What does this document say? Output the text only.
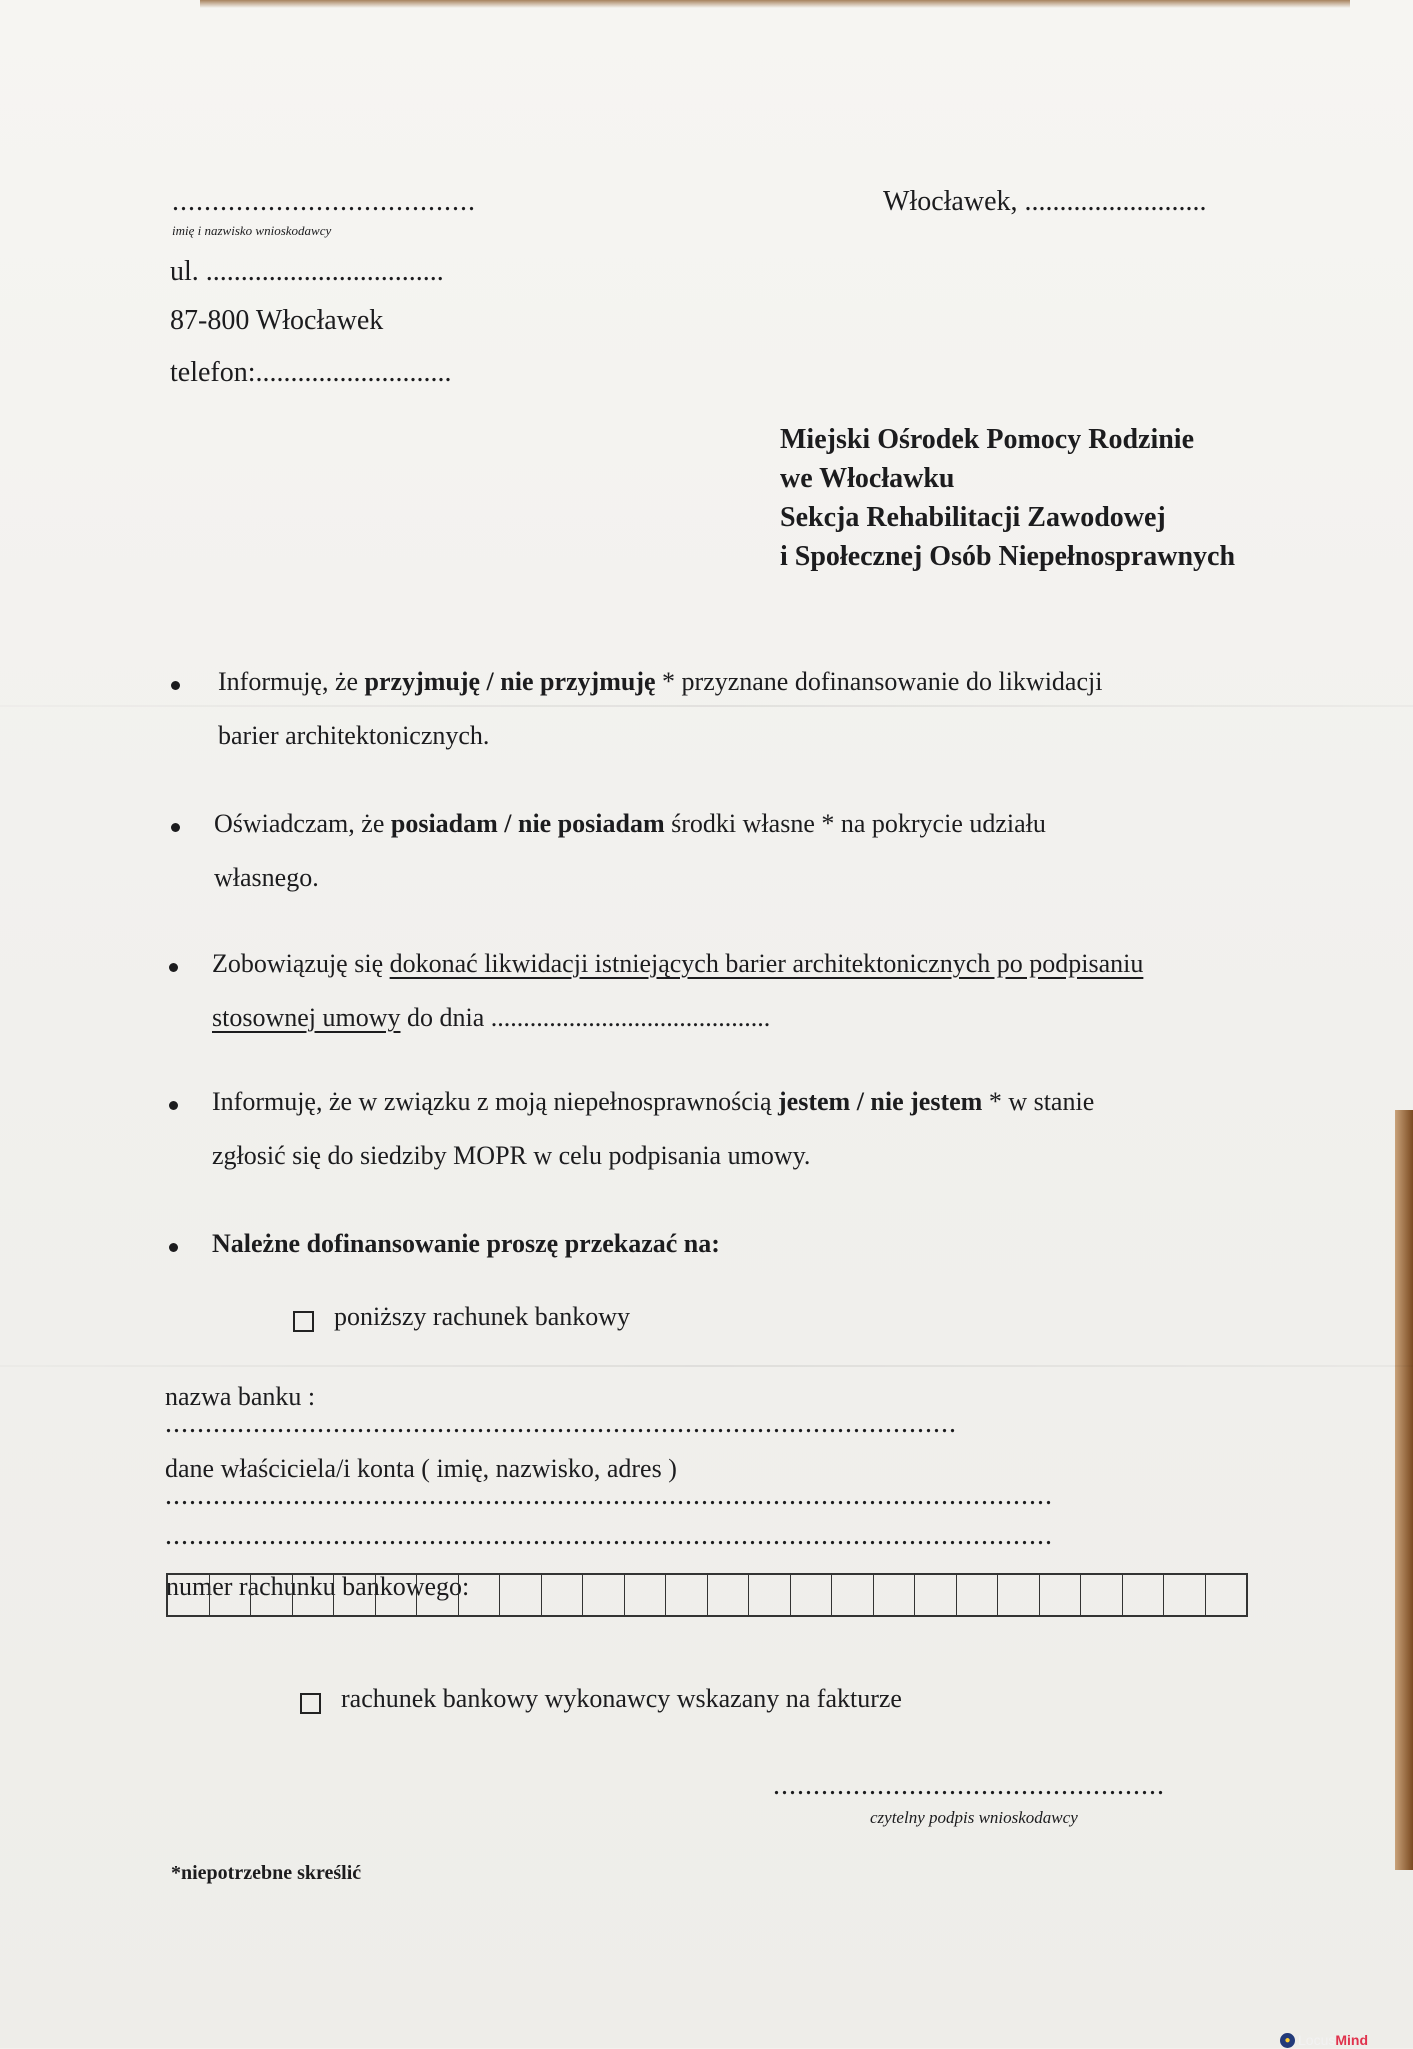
......................................
imię i nazwisko wnioskodawcy
Włocławek, ..........................
ul. ..................................
87-800 Włocławek
telefon:............................
Miejski Ośrodek Pomocy Rodzinie
we Włocławku
Sekcja Rehabilitacji Zawodowej
i Społecznej Osób Niepełnosprawnych
Informuję, że przyjmuję / nie przyjmuję * przyznane dofinansowanie do likwidacji
barier architektonicznych.
Oświadczam, że posiadam / nie posiadam środki własne * na pokrycie udziału
własnego.
Zobowiązuję się dokonać likwidacji istniejących barier architektonicznych po podpisaniu
stosownej umowy do dnia ...........................................
Informuję, że w związku z moją niepełnosprawnością jestem / nie jestem * w stanie
zgłosić się do siedziby MOPR w celu podpisania umowy.
Należne dofinansowanie proszę przekazać na:
poniższy rachunek bankowy
nazwa banku :
...................................................................................................
dane właściciela/i konta ( imię, nazwisko, adres )
...............................................................................................................
...............................................................................................................
numer rachunku bankowego:
rachunek bankowy wykonawcy wskazany na fakturze
.................................................
czytelny podpis wnioskodawcy
*niepotrzebne skreślić
● Locus Mind
